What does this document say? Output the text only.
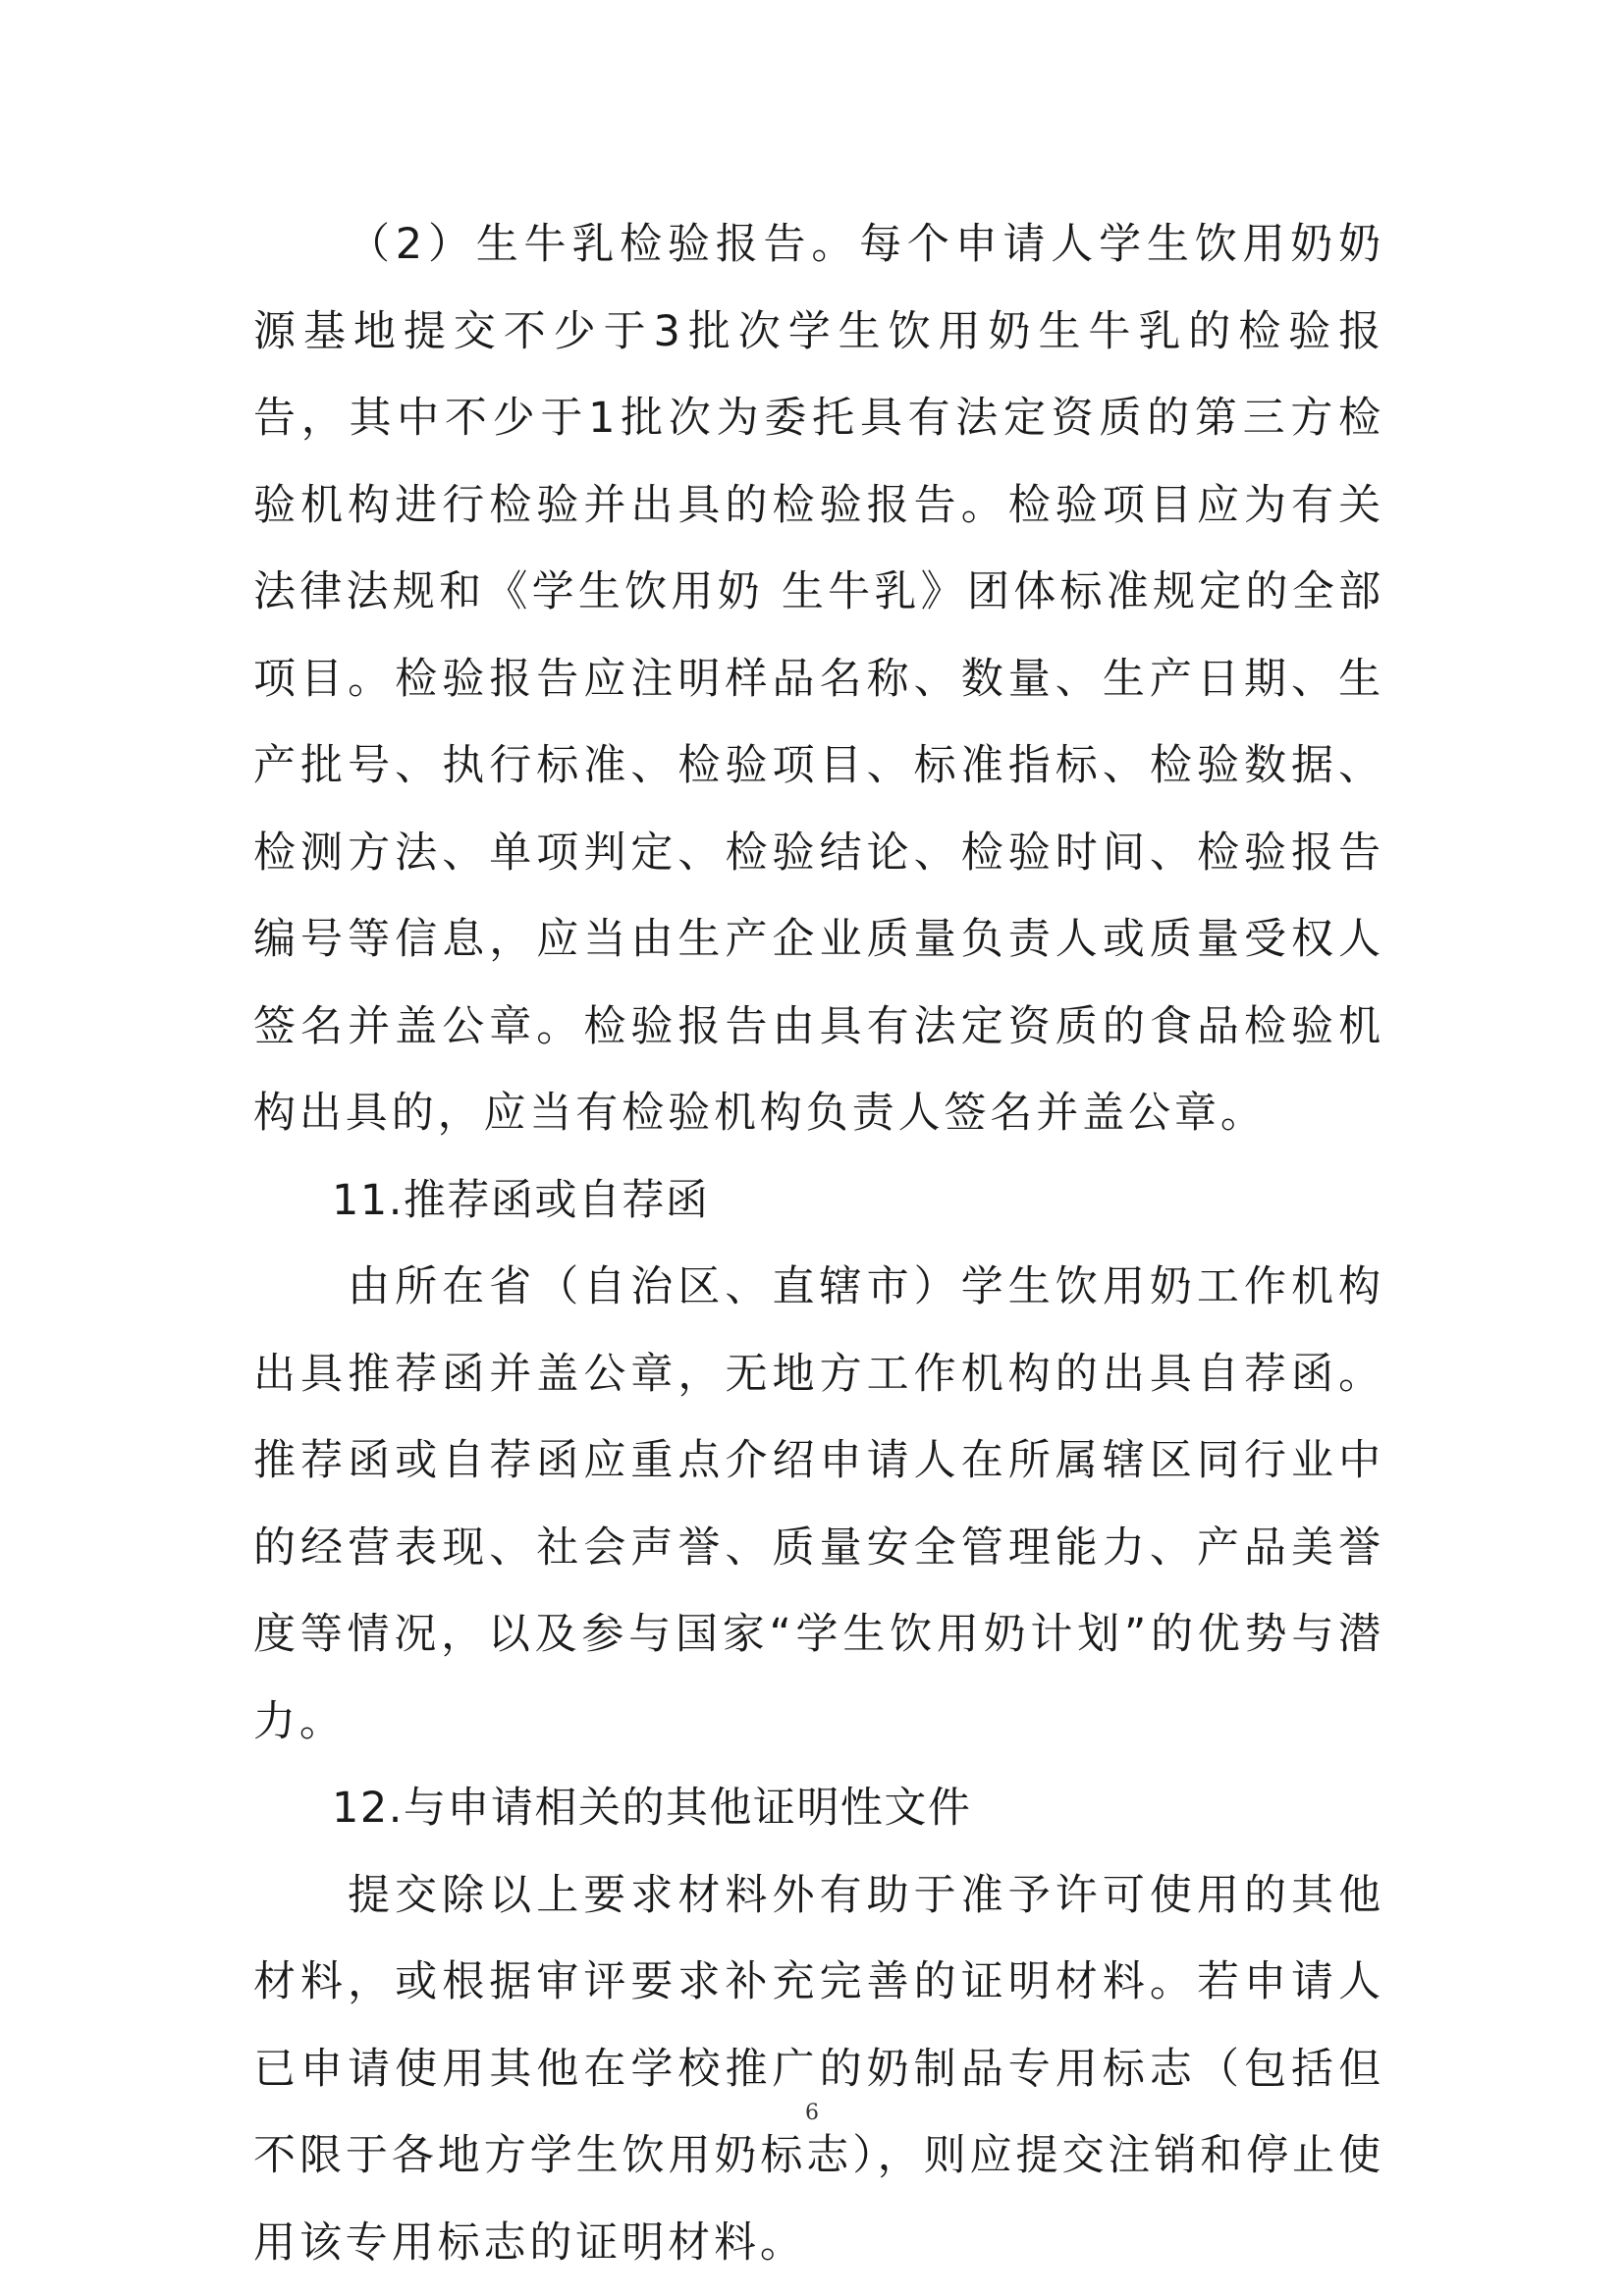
（2）生牛乳检验报告。每个申请人学生饮用奶奶源基地提交不少于3批次学生饮用奶生牛乳的检验报告，其中不少于1批次为委托具有法定资质的第三方检验机构进行检验并出具的检验报告。检验项目应为有关法律法规和《学生饮用奶 生牛乳》团体标准规定的全部项目。检验报告应注明样品名称、数量、生产日期、生产批号、执行标准、检验项目、标准指标、检验数据、检测方法、单项判定、检验结论、检验时间、检验报告编号等信息，应当由生产企业质量负责人或质量受权人签名并盖公章。检验报告由具有法定资质的食品检验机构出具的，应当有检验机构负责人签名并盖公章。

11.推荐函或自荐函

由所在省（自治区、直辖市）学生饮用奶工作机构出具推荐函并盖公章，无地方工作机构的出具自荐函。推荐函或自荐函应重点介绍申请人在所属辖区同行业中的经营表现、社会声誉、质量安全管理能力、产品美誉度等情况，以及参与国家“学生饮用奶计划”的优势与潜力。

12.与申请相关的其他证明性文件

提交除以上要求材料外有助于准予许可使用的其他材料，或根据审评要求补充完善的证明材料。若申请人已申请使用其他在学校推广的奶制品专用标志（包括但不限于各地方学生饮用奶标志），则应提交注销和停止使用该专用标志的证明材料。

6
